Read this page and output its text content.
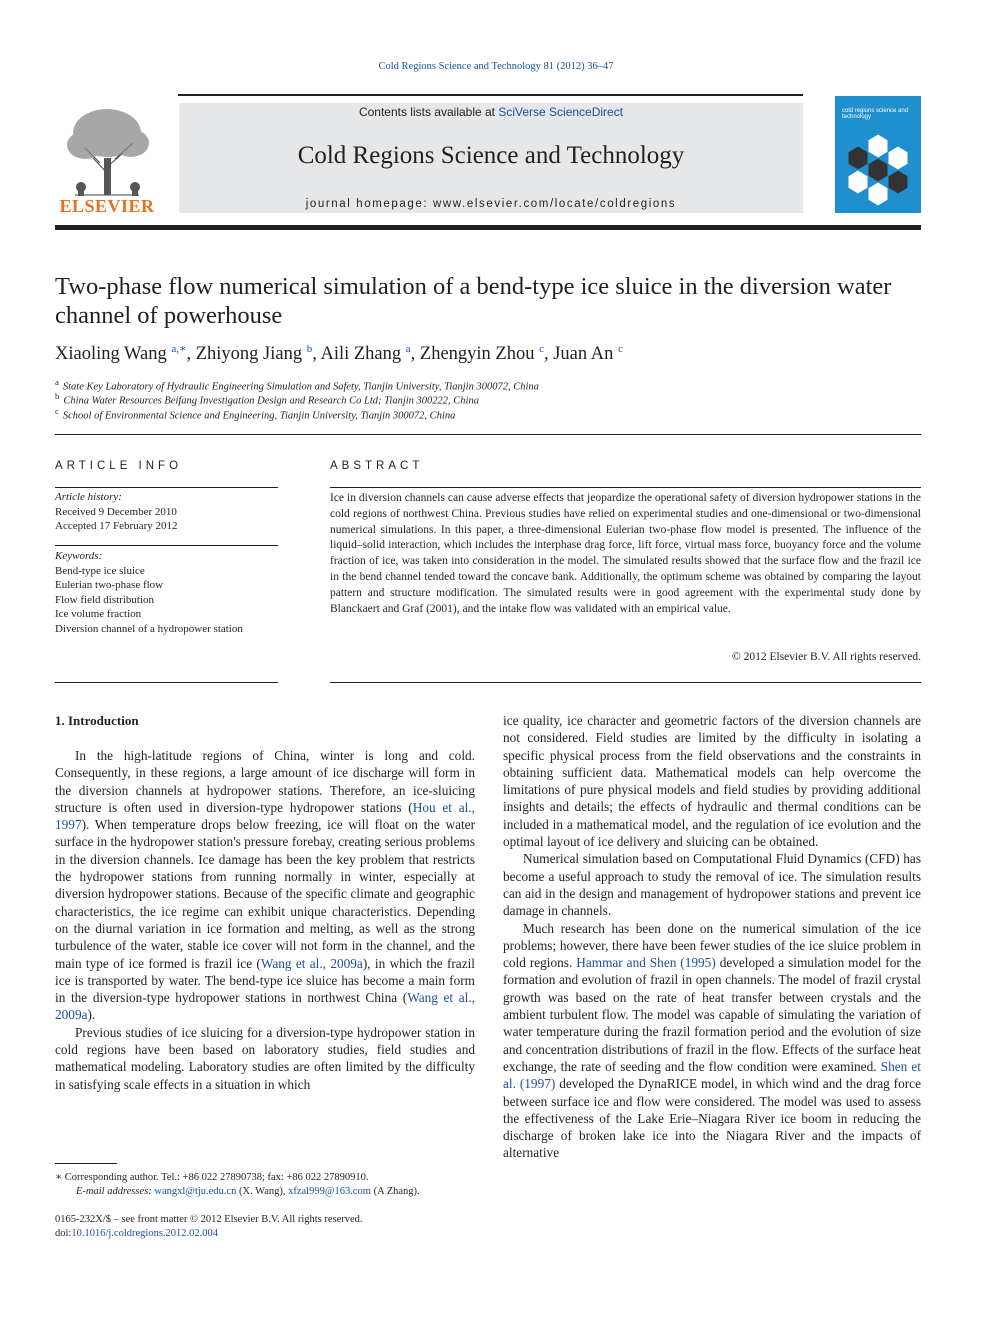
Cold Regions Science and Technology 81 (2012) 36–47
ELSEVIER
Contents lists available at SciVerse ScienceDirect
Cold Regions Science and Technology
journal homepage: www.elsevier.com/locate/coldregions
cold regions science and technology
Two-phase flow numerical simulation of a bend-type ice sluice in the diversion water
channel of powerhouse
Xiaoling Wang $^{a,∗}$, Zhiyong Jiang $^b$, Aili Zhang $^a$, Zhengyin Zhou $^c$, Juan An $^c$
$^a$ State Key Laboratory of Hydraulic Engineering Simulation and Safety, Tianjin University, Tianjin 300072, China
$^b$ China Water Resources Beifang Investigation Design and Research Co Ltd; Tianjin 300222, China
$^c$ School of Environmental Science and Engineering, Tianjin University, Tianjin 300072, China
ARTICLE INFO	ABSTRACT
Article history:
Received 9 December 2010
Accepted 17 February 2012
Keywords:
Bend-type ice sluice
Eulerian two-phase flow
Flow field distribution
Ice volume fraction
Diversion channel of a hydropower station
Ice in diversion channels can cause adverse effects that jeopardize the operational safety of diversion hydropower stations in the cold regions of northwest China. Previous studies have relied on experimental studies and one-dimensional or two-dimensional numerical simulations. In this paper, a three-dimensional Eulerian two-phase flow model is presented. The influence of the liquid–solid interaction, which includes the interphase drag force, lift force, virtual mass force, buoyancy force and the volume fraction of ice, was taken into consideration in the model. The simulated results showed that the surface flow and the frazil ice in the bend channel tended toward the concave bank. Additionally, the optimum scheme was obtained by comparing the layout pattern and structure modification. The simulated results were in good agreement with the experimental study done by Blanckaert and Graf (2001), and the intake flow was validated with an empirical value.
© 2012 Elsevier B.V. All rights reserved.
1. Introduction

In the high-latitude regions of China, winter is long and cold. Consequently, in these regions, a large amount of ice discharge will form in the diversion channels at hydropower stations. Therefore, an ice-sluicing structure is often used in diversion-type hydropower stations (Hou et al., 1997). When temperature drops below freezing, ice will float on the water surface in the hydropower station's pressure forebay, creating serious problems in the diversion channels. Ice damage has been the key problem that restricts the hydropower stations from running normally in winter, especially at diversion hydropower stations. Because of the specific climate and geographic characteristics, the ice regime can exhibit unique characteristics. Depending on the diurnal variation in ice formation and melting, as well as the strong turbulence of the water, stable ice cover will not form in the channel, and the main type of ice formed is frazil ice (Wang et al., 2009a), in which the frazil ice is transported by water. The bend-type ice sluice has become a main form in the diversion-type hydropower stations in northwest China (Wang et al., 2009a).

Previous studies of ice sluicing for a diversion-type hydropower station in cold regions have been based on laboratory studies, field studies and mathematical modeling. Laboratory studies are often limited by the difficulty in satisfying scale effects in a situation in which

ice quality, ice character and geometric factors of the diversion channels are not considered. Field studies are limited by the difficulty in isolating a specific physical process from the field observations and the constraints in obtaining sufficient data. Mathematical models can help overcome the limitations of pure physical models and field studies by providing additional insights and details; the effects of hydraulic and thermal conditions can be included in a mathematical model, and the regulation of ice evolution and the optimal layout of ice delivery and sluicing can be obtained.

Numerical simulation based on Computational Fluid Dynamics (CFD) has become a useful approach to study the removal of ice. The simulation results can aid in the design and management of hydropower stations and prevent ice damage in channels.

Much research has been done on the numerical simulation of the ice problems; however, there have been fewer studies of the ice sluice problem in cold regions. Hammar and Shen (1995) developed a simulation model for the formation and evolution of frazil in open channels. The model of frazil crystal growth was based on the rate of heat transfer between crystals and the ambient turbulent flow. The model was capable of simulating the variation of water temperature during the frazil formation period and the evolution of size and concentration distributions of frazil in the flow. Effects of the surface heat exchange, the rate of seeding and the flow condition were examined. Shen et al. (1997) developed the DynaRICE model, in which wind and the drag force between surface ice and flow were considered. The model was used to assess the effectiveness of the Lake Erie–Niagara River ice boom in reducing the discharge of broken lake ice into the Niagara River and the impacts of alternative

∗ Corresponding author. Tel.: +86 022 27890738; fax: +86 022 27890910.
E-mail addresses: wangxl@tju.edu.cn (X. Wang), xfzal999@163.com (A Zhang).
0165-232X/$ – see front matter © 2012 Elsevier B.V. All rights reserved.
doi:10.1016/j.coldregions.2012.02.004
